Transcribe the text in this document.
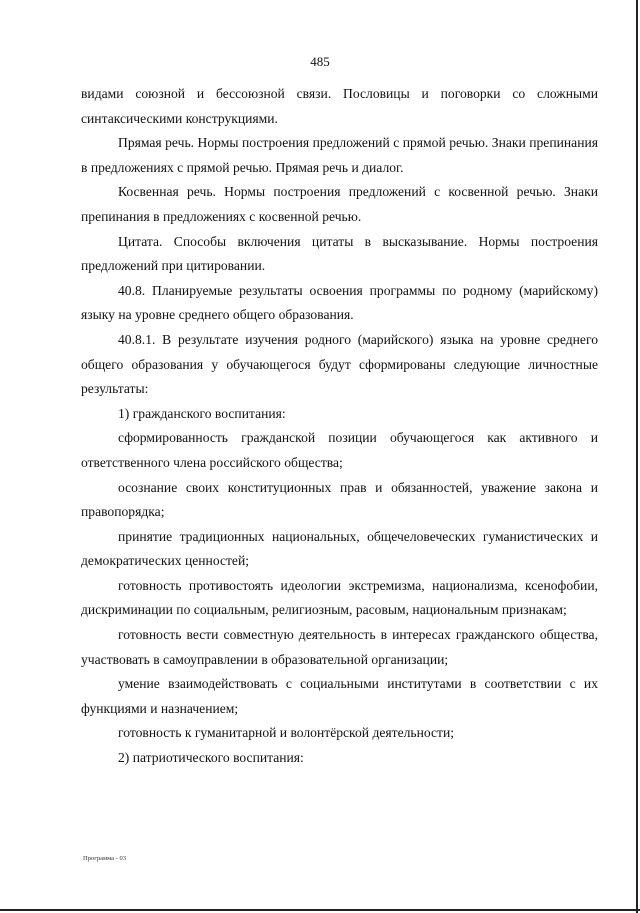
485

видами союзной и бессоюзной связи. Пословицы и поговорки со сложными синтаксическими конструкциями.

Прямая речь. Нормы построения предложений с прямой речью. Знаки препинания в предложениях с прямой речью. Прямая речь и диалог.

Косвенная речь. Нормы построения предложений с косвенной речью. Знаки препинания в предложениях с косвенной речью.

Цитата. Способы включения цитаты в высказывание. Нормы построения предложений при цитировании.

40.8. Планируемые результаты освоения программы по родному (марийскому) языку на уровне среднего общего образования.

40.8.1. В результате изучения родного (марийского) языка на уровне среднего общего образования у обучающегося будут сформированы следующие личностные результаты:

1) гражданского воспитания:

сформированность гражданской позиции обучающегося как активного и ответственного члена российского общества;

осознание своих конституционных прав и обязанностей, уважение закона и правопорядка;

принятие традиционных национальных, общечеловеческих гуманистических и демократических ценностей;

готовность противостоять идеологии экстремизма, национализма, ксенофобии, дискриминации по социальным, религиозным, расовым, национальным признакам;

готовность вести совместную деятельность в интересах гражданского общества, участвовать в самоуправлении в образовательной организации;

умение взаимодействовать с социальными институтами в соответствии с их функциями и назначением;

готовность к гуманитарной и волонтёрской деятельности;

2) патриотического воспитания:

Программа - 03
